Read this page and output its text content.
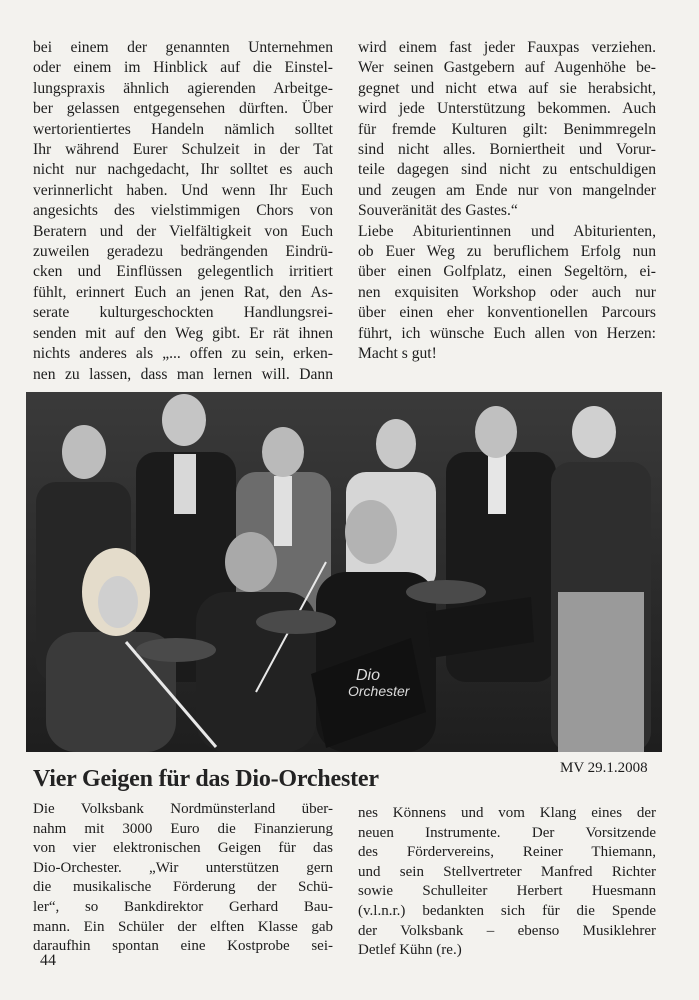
bei einem der genannten Unternehmen
oder einem im Hinblick auf die Einstel-
lungspraxis ähnlich agierenden Arbeitge-
ber gelassen entgegensehen dürften. Über
wertorientiertes Handeln nämlich solltet
Ihr während Eurer Schulzeit in der Tat
nicht nur nachgedacht, Ihr solltet es auch
verinnerlicht haben. Und wenn Ihr Euch
angesichts des vielstimmigen Chors von
Beratern und der Vielfältigkeit von Euch
zuweilen geradezu bedrängenden Eindrü-
cken und Einflüssen gelegentlich irritiert
fühlt, erinnert Euch an jenen Rat, den As-
serate kulturgeschockten Handlungsrei-
senden mit auf den Weg gibt. Er rät ihnen
nichts anderes als „... offen zu sein, erken-
nen zu lassen, dass man lernen will. Dann
wird einem fast jeder Fauxpas verziehen.
Wer seinen Gastgebern auf Augenhöhe be-
gegnet und nicht etwa auf sie herabsicht,
wird jede Unterstützung bekommen. Auch
für fremde Kulturen gilt: Benimmregeln
sind nicht alles. Borniertheit und Vorur-
teile dagegen sind nicht zu entschuldigen
und zeugen am Ende nur von mangelnder
Souveränität des Gastes.“
Liebe Abiturientinnen und Abiturienten,
ob Euer Weg zu beruflichem Erfolg nun
über einen Golfplatz, einen Segeltörn, ei-
nen exquisiten Workshop oder auch nur
über einen eher konventionellen Parcours
führt, ich wünsche Euch allen von Herzen:
Macht s gut!
Dio
Orchester
MV 29.1.2008
Vier Geigen für das Dio-Orchester
Die Volksbank Nordmünsterland über-
nahm mit 3000 Euro die Finanzierung
von vier elektronischen Geigen für das
Dio-Orchester. „Wir unterstützen gern
die musikalische Förderung der Schü-
ler“, so Bankdirektor Gerhard Bau-
mann. Ein Schüler der elften Klasse gab
daraufhin spontan eine Kostprobe sei-
nes Könnens und vom Klang eines der
neuen Instrumente. Der Vorsitzende
des Fördervereins, Reiner Thiemann,
und sein Stellvertreter Manfred Richter
sowie Schulleiter Herbert Huesmann
(v.l.n.r.) bedankten sich für die Spende
der Volksbank – ebenso Musiklehrer
Detlef Kühn (re.)
44
